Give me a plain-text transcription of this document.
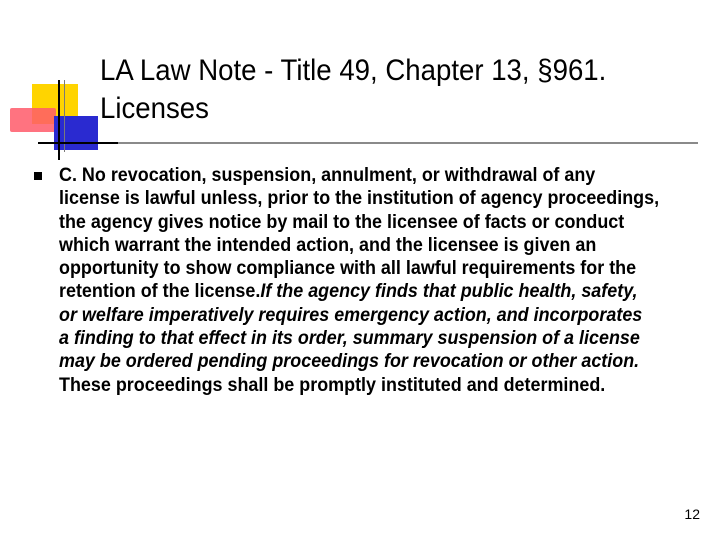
LA Law Note - Title 49, Chapter 13, §961.
Licenses
C. No revocation, suspension, annulment, or withdrawal of any
license is lawful unless, prior to the institution of agency proceedings,
the agency gives notice by mail to the licensee of facts or conduct
which warrant the intended action, and the licensee is given an
opportunity to show compliance with all lawful requirements for the
retention of the license.If the agency finds that public health, safety,
or welfare imperatively requires emergency action, and incorporates
a finding to that effect in its order, summary suspension of a license
may be ordered pending proceedings for revocation or other action.
These proceedings shall be promptly instituted and determined.
12
